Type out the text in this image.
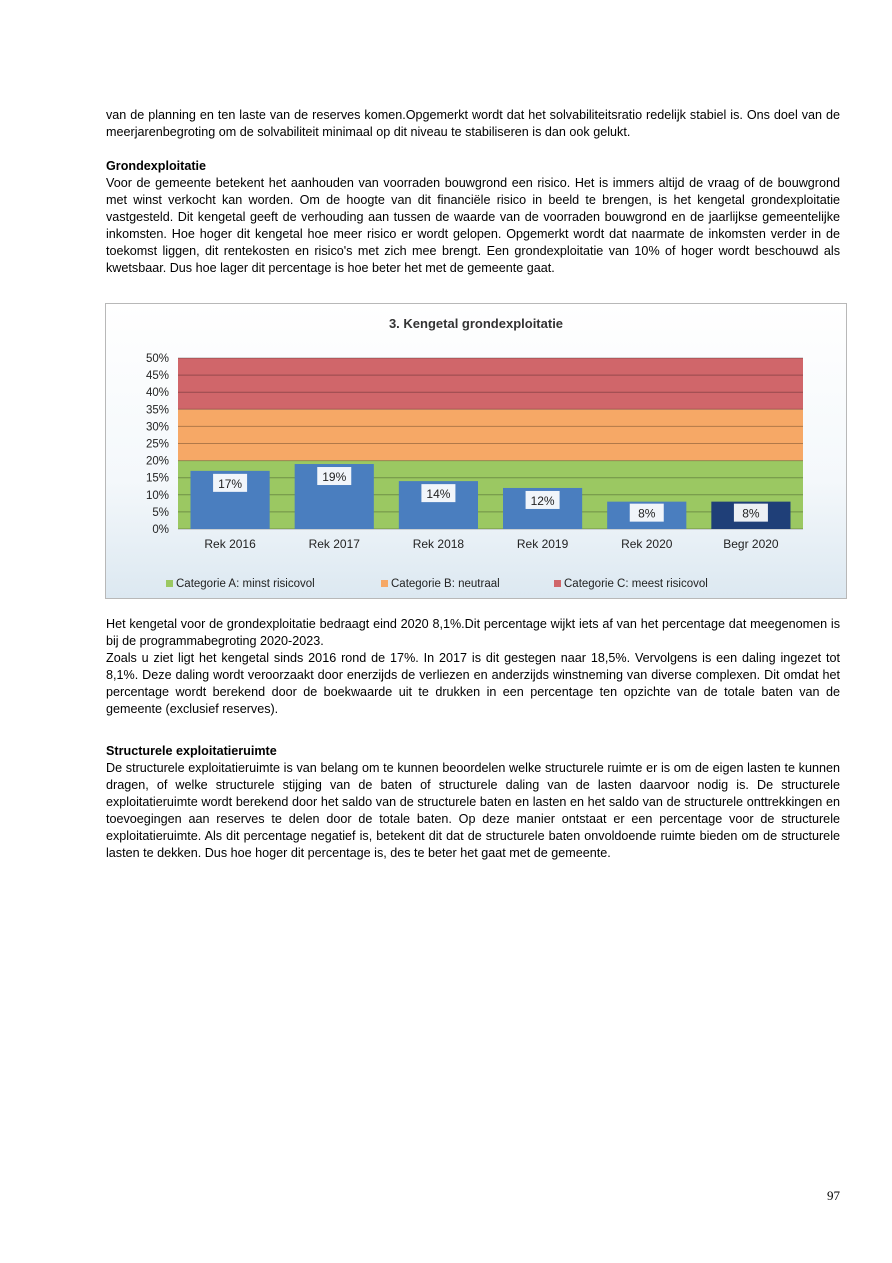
van de planning en ten laste van de reserves komen.Opgemerkt wordt dat het solvabiliteitsratio redelijk stabiel is. Ons doel van de meerjarenbegroting om de solvabiliteit minimaal op dit niveau te stabiliseren is dan ook gelukt.

Grondexploitatie
Voor de gemeente betekent het aanhouden van voorraden bouwgrond een risico. Het is immers altijd de vraag of de bouwgrond met winst verkocht kan worden. Om de hoogte van dit financiële risico in beeld te brengen, is het kengetal grondexploitatie vastgesteld. Dit kengetal geeft de verhouding aan tussen de waarde van de voorraden bouwgrond en de jaarlijkse gemeentelijke inkomsten. Hoe hoger dit kengetal hoe meer risico er wordt gelopen. Opgemerkt wordt dat naarmate de inkomsten verder in de toekomst liggen, dit rentekosten en risico's met zich mee brengt. Een grondexploitatie van 10% of hoger wordt beschouwd als kwetsbaar. Dus hoe lager dit percentage is hoe beter het met de gemeente gaat.

3. Kengetal grondexploitatie
0%
5%
10%
15%
20%
25%
30%
35%
40%
45%
50%
17%
Rek 2016
19%
Rek 2017
14%
Rek 2018
12%
Rek 2019
8%
Rek 2020
8%
Begr 2020
Categorie A: minst risicovol	Categorie B: neutraal	Categorie C: meest risicovol

Het kengetal voor de grondexploitatie bedraagt eind 2020 8,1%.Dit percentage wijkt iets af van het percentage dat meegenomen is bij de programmabegroting 2020-2023.

Zoals u ziet ligt het kengetal sinds 2016 rond de 17%. In 2017 is dit gestegen naar 18,5%. Vervolgens is een daling ingezet tot 8,1%. Deze daling wordt veroorzaakt door enerzijds de verliezen en anderzijds winstneming van diverse complexen. Dit omdat het percentage wordt berekend door de boekwaarde uit te drukken in een percentage ten opzichte van de totale baten van de gemeente (exclusief reserves).

Structurele exploitatieruimte
De structurele exploitatieruimte is van belang om te kunnen beoordelen welke structurele ruimte er is om de eigen lasten te kunnen dragen, of welke structurele stijging van de baten of structurele daling van de lasten daarvoor nodig is. De structurele exploitatieruimte wordt berekend door het saldo van de structurele baten en lasten en het saldo van de structurele onttrekkingen en toevoegingen aan reserves te delen door de totale baten. Op deze manier ontstaat er een percentage voor de structurele exploitatieruimte. Als dit percentage negatief is, betekent dit dat de structurele baten onvoldoende ruimte bieden om de structurele lasten te dekken. Dus hoe hoger dit percentage is, des te beter het gaat met de gemeente.

97
